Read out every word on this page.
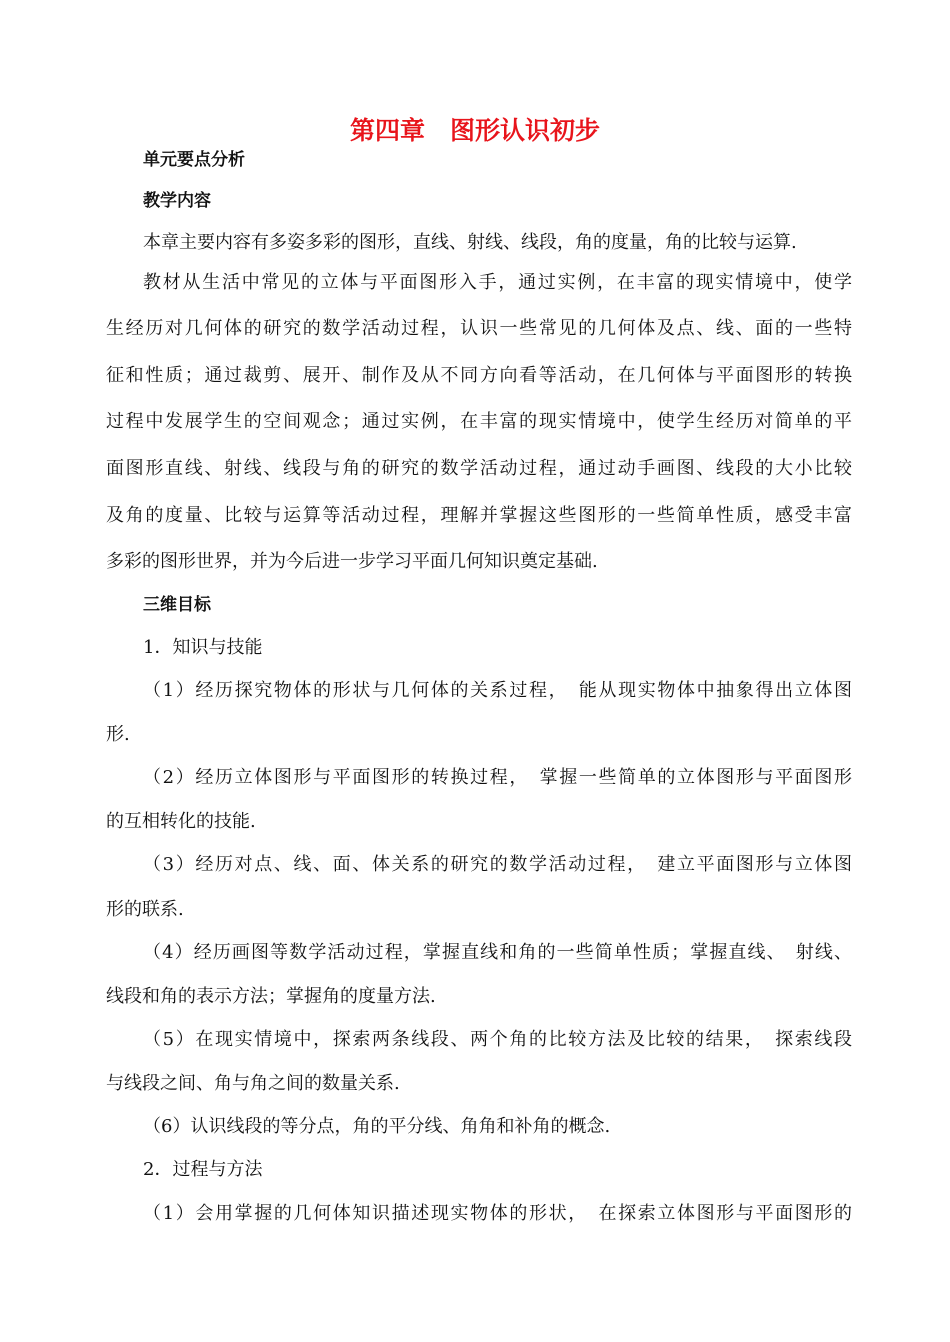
第四章　图形认识初步
单元要点分析
教学内容
本章主要内容有多姿多彩的图形，直线、射线、线段，角的度量，角的比较与运算.
教材从生活中常见的立体与平面图形入手，通过实例，在丰富的现实情境中，使学
生经历对几何体的研究的数学活动过程，认识一些常见的几何体及点、线、面的一些特
征和性质；通过裁剪、展开、制作及从不同方向看等活动，在几何体与平面图形的转换
过程中发展学生的空间观念；通过实例，在丰富的现实情境中，使学生经历对简单的平
面图形直线、射线、线段与角的研究的数学活动过程，通过动手画图、线段的大小比较
及角的度量、比较与运算等活动过程，理解并掌握这些图形的一些简单性质，感受丰富
多彩的图形世界，并为今后进一步学习平面几何知识奠定基础.
三维目标
1．知识与技能
（1）经历探究物体的形状与几何体的关系过程，　能从现实物体中抽象得出立体图
形.
（2）经历立体图形与平面图形的转换过程，　掌握一些简单的立体图形与平面图形
的互相转化的技能.
（3）经历对点、线、面、体关系的研究的数学活动过程，　建立平面图形与立体图
形的联系.
（4）经历画图等数学活动过程，掌握直线和角的一些简单性质；掌握直线、　射线、
线段和角的表示方法；掌握角的度量方法.
（5）在现实情境中，探索两条线段、两个角的比较方法及比较的结果，　探索线段
与线段之间、角与角之间的数量关系.
（6）认识线段的等分点，角的平分线、角角和补角的概念.
2．过程与方法
（1）会用掌握的几何体知识描述现实物体的形状，　在探索立体图形与平面图形的
